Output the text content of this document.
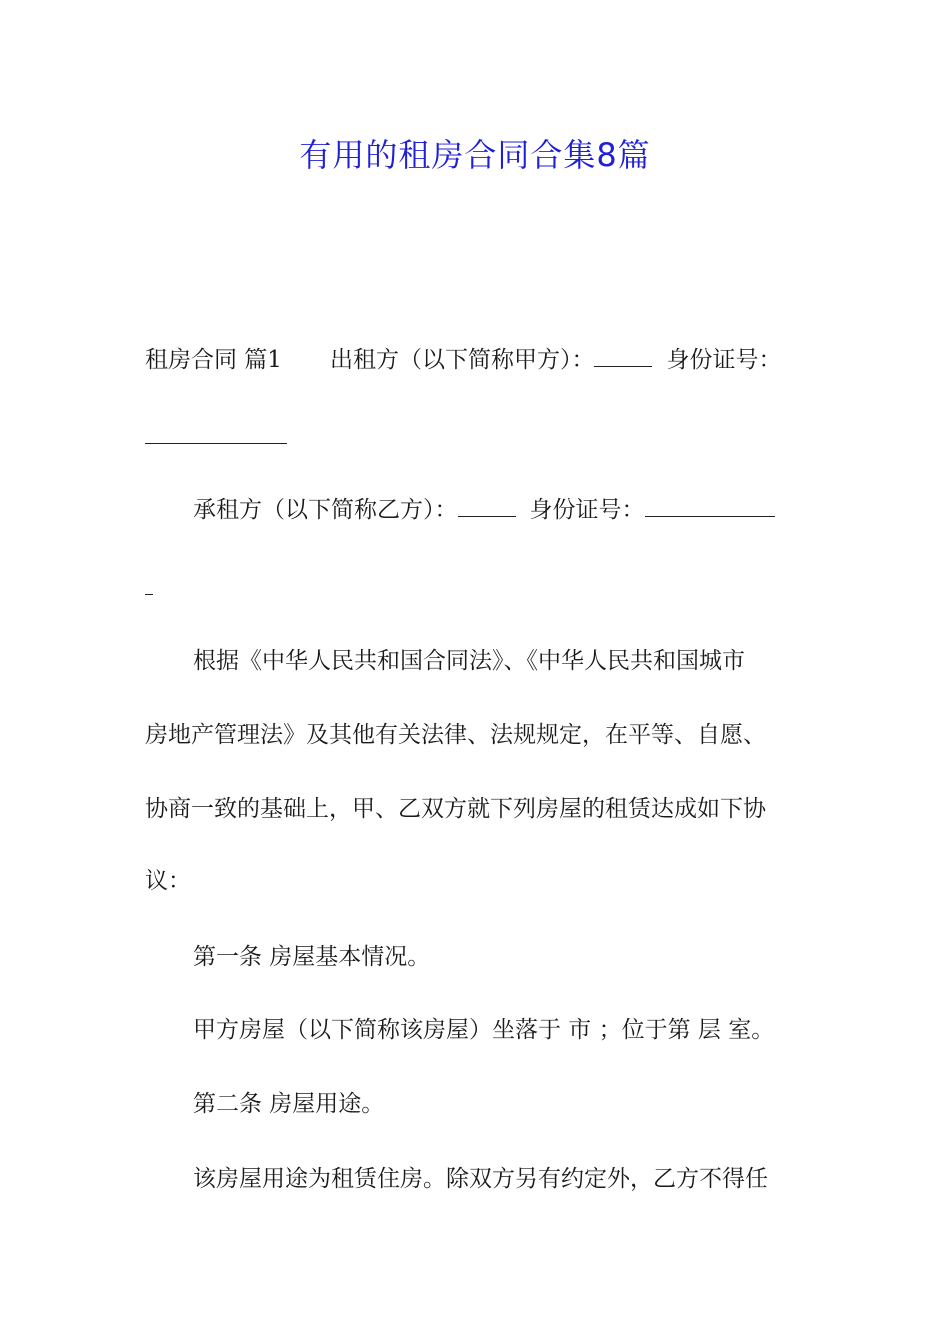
有用的租房合同合集8篇
租房合同 篇1 出租方（以下简称甲方）：	身份证号：
承租方（以下简称乙方）：	身份证号：
根据《中华人民共和国合同法》、《中华人民共和国城市
房地产管理法》及其他有关法律、法规规定，在平等、自愿、
协商一致的基础上，甲、乙双方就下列房屋的租赁达成如下协
议：
第一条 房屋基本情况。
甲方房屋（以下简称该房屋）坐落于 市 ；位于第 层 室。
第二条 房屋用途。
该房屋用途为租赁住房。除双方另有约定外，乙方不得任
